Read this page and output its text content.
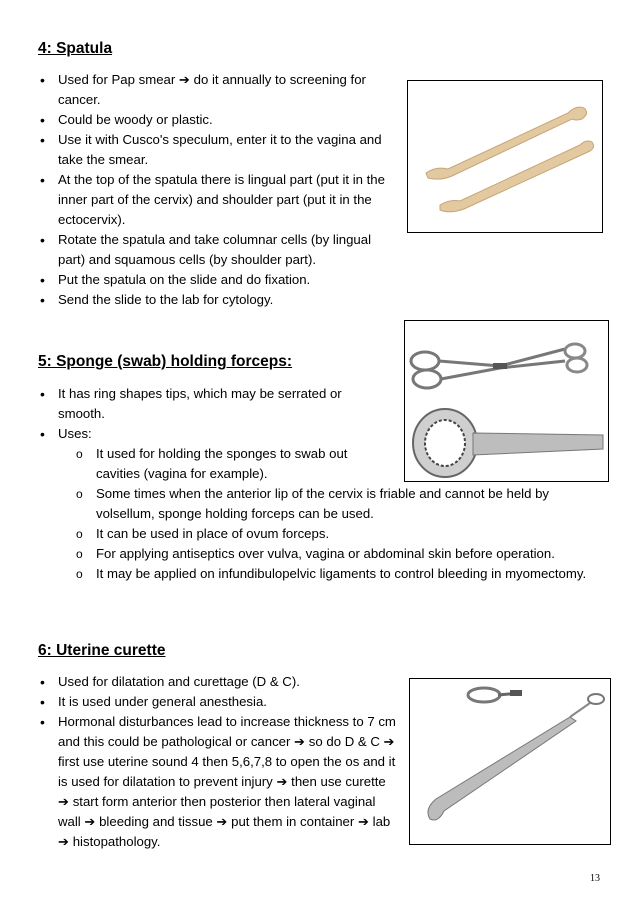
4: Spatula
• Used for Pap smear ➔ do it annually to screening for cancer.
• Could be woody or plastic.
• Use it with Cusco's speculum, enter it to the vagina and take the smear.
• At the top of the spatula there is lingual part (put it in the inner part of the cervix) and shoulder part (put it in the ectocervix).
• Rotate the spatula and take columnar cells (by lingual part) and squamous cells (by shoulder part).
• Put the spatula on the slide and do fixation.
• Send the slide to the lab for cytology.
5: Sponge (swab) holding forceps:
• It has ring shapes tips, which may be serrated or smooth.
• Uses:
o It used for holding the sponges to swab out cavities (vagina for example).
o Some times when the anterior lip of the cervix is friable and cannot be held by volsellum, sponge holding forceps can be used.
o It can be used in place of ovum forceps.
o For applying antiseptics over vulva, vagina or abdominal skin before operation.
o It may be applied on infundibulopelvic ligaments to control bleeding in myomectomy.
6: Uterine curette
• Used for dilatation and curettage (D & C).
• It is used under general anesthesia.
• Hormonal disturbances lead to increase thickness to 7 cm and this could be pathological or cancer ➔ so do D & C ➔ first use uterine sound 4 then 5,6,7,8 to open the os and it is used for dilatation to prevent injury ➔ then use curette ➔ start form anterior then posterior then lateral vaginal wall ➔ bleeding and tissue ➔ put them in container ➔ lab ➔ histopathology.
13
